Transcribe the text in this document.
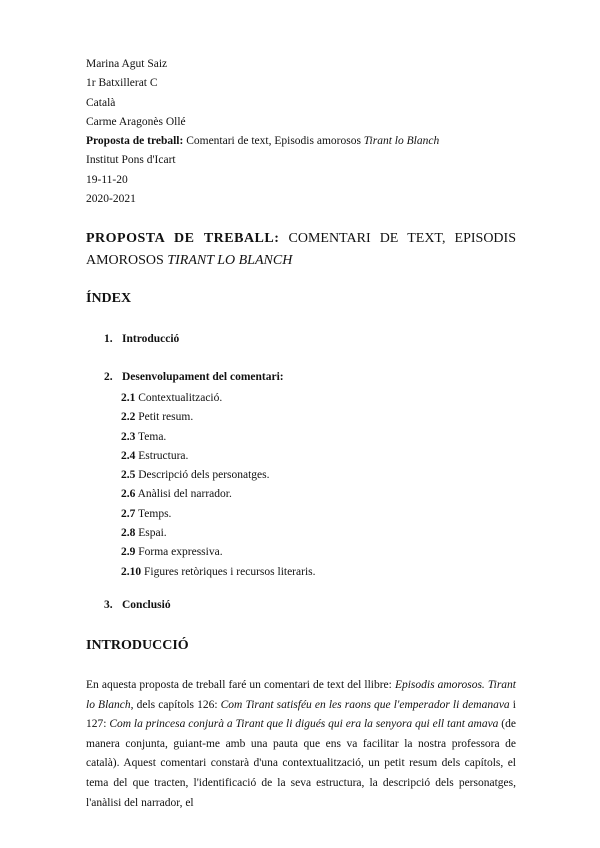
Marina Agut Saiz
1r Batxillerat C
Català
Carme Aragonès Ollé
Proposta de treball: Comentari de text, Episodis amorosos Tirant lo Blanch
Institut Pons d'Icart
19-11-20
2020-2021
PROPOSTA DE TREBALL: COMENTARI DE TEXT, EPISODIS AMOROSOS TIRANT LO BLANCH
ÍNDEX
1. Introducció
2. Desenvolupament del comentari:
2.1 Contextualització.
2.2 Petit resum.
2.3 Tema.
2.4 Estructura.
2.5 Descripció dels personatges.
2.6 Anàlisi del narrador.
2.7 Temps.
2.8 Espai.
2.9 Forma expressiva.
2.10 Figures retòriques i recursos literaris.
3. Conclusió
INTRODUCCIÓ
En aquesta proposta de treball faré un comentari de text del llibre: Episodis amorosos. Tirant lo Blanch, dels capítols 126: Com Tirant satisféu en les raons que l'emperador li demanava i 127: Com la princesa conjurà a Tirant que li digués qui era la senyora qui ell tant amava (de manera conjunta, guiant-me amb una pauta que ens va facilitar la nostra professora de català). Aquest comentari constarà d'una contextualització, un petit resum dels capítols, el tema del que tracten, l'identificació de la seva estructura, la descripció dels personatges, l'anàlisi del narrador, el
